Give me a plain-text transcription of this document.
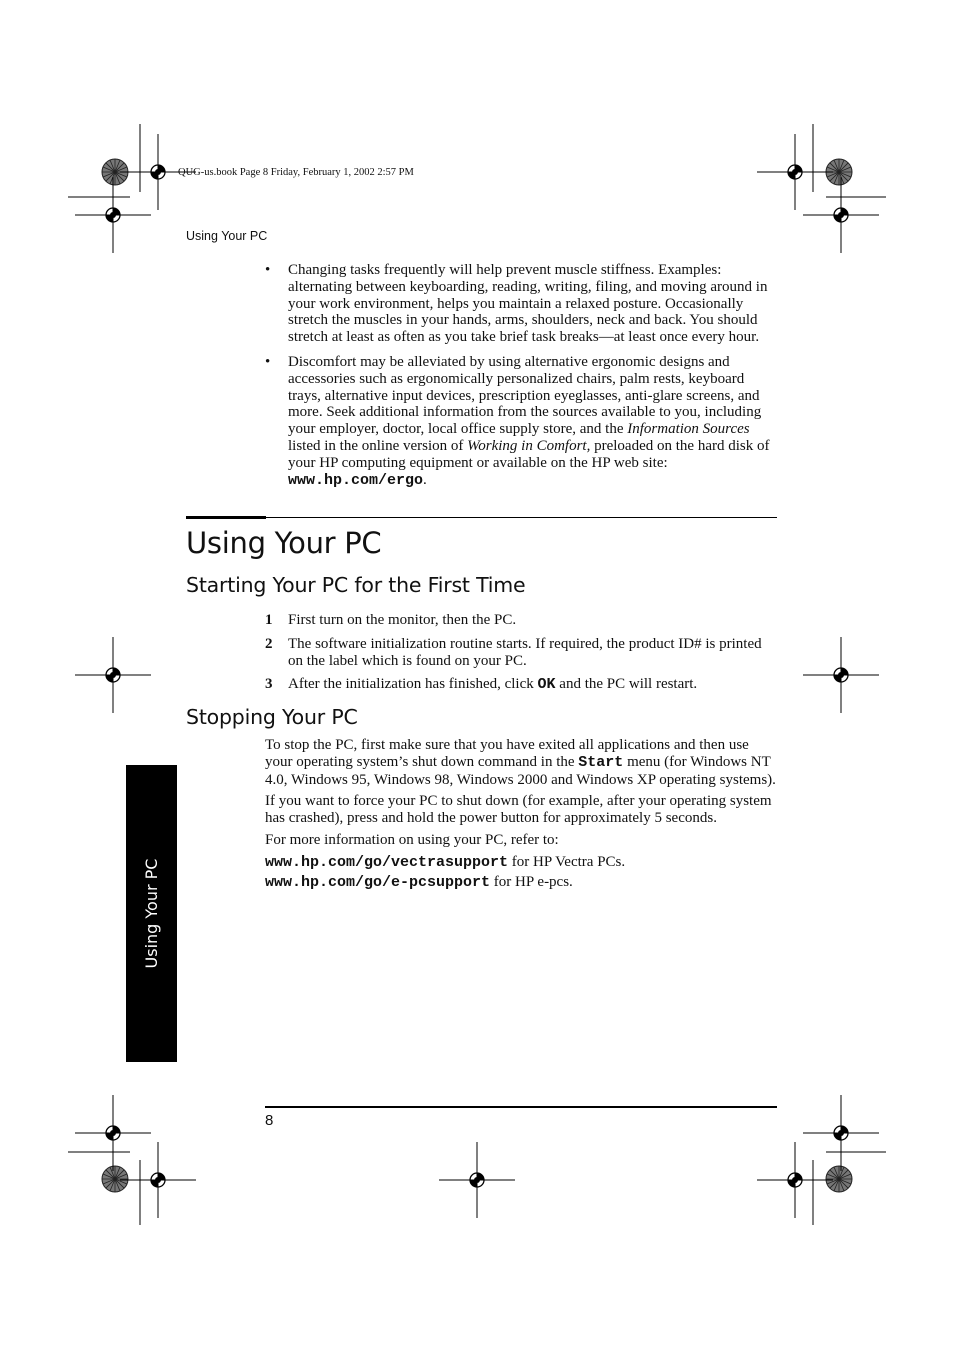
QUG-us.book Page 8 Friday, February 1, 2002 2:57 PM
Using Your PC
• Changing tasks frequently will help prevent muscle stiffness. Examples: alternating between keyboarding, reading, writing, filing, and moving around in your work environment, helps you maintain a relaxed posture. Occasionally stretch the muscles in your hands, arms, shoulders, neck and back. You should stretch at least as often as you take brief task breaks—at least once every hour.
• Discomfort may be alleviated by using alternative ergonomic designs and accessories such as ergonomically personalized chairs, palm rests, keyboard trays, alternative input devices, prescription eyeglasses, anti-glare screens, and more. Seek additional information from the sources available to you, including your employer, doctor, local office supply store, and the Information Sources listed in the online version of Working in Comfort, preloaded on the hard disk of your HP computing equipment or available on the HP web site: www.hp.com/ergo.
Using Your PC
Starting Your PC for the First Time
1 First turn on the monitor, then the PC.
2 The software initialization routine starts. If required, the product ID# is printed on the label which is found on your PC.
3 After the initialization has finished, click OK and the PC will restart.
Stopping Your PC

To stop the PC, first make sure that you have exited all applications and then use your operating system’s shut down command in the Start menu (for Windows NT 4.0, Windows 95, Windows 98, Windows 2000 and Windows XP operating systems).

If you want to force your PC to shut down (for example, after your operating system has crashed), press and hold the power button for approximately 5 seconds.

For more information on using your PC, refer to:

www.hp.com/go/vectrasupport for HP Vectra PCs.

www.hp.com/go/e-pcsupport for HP e-pcs.

Using Your PC
8
